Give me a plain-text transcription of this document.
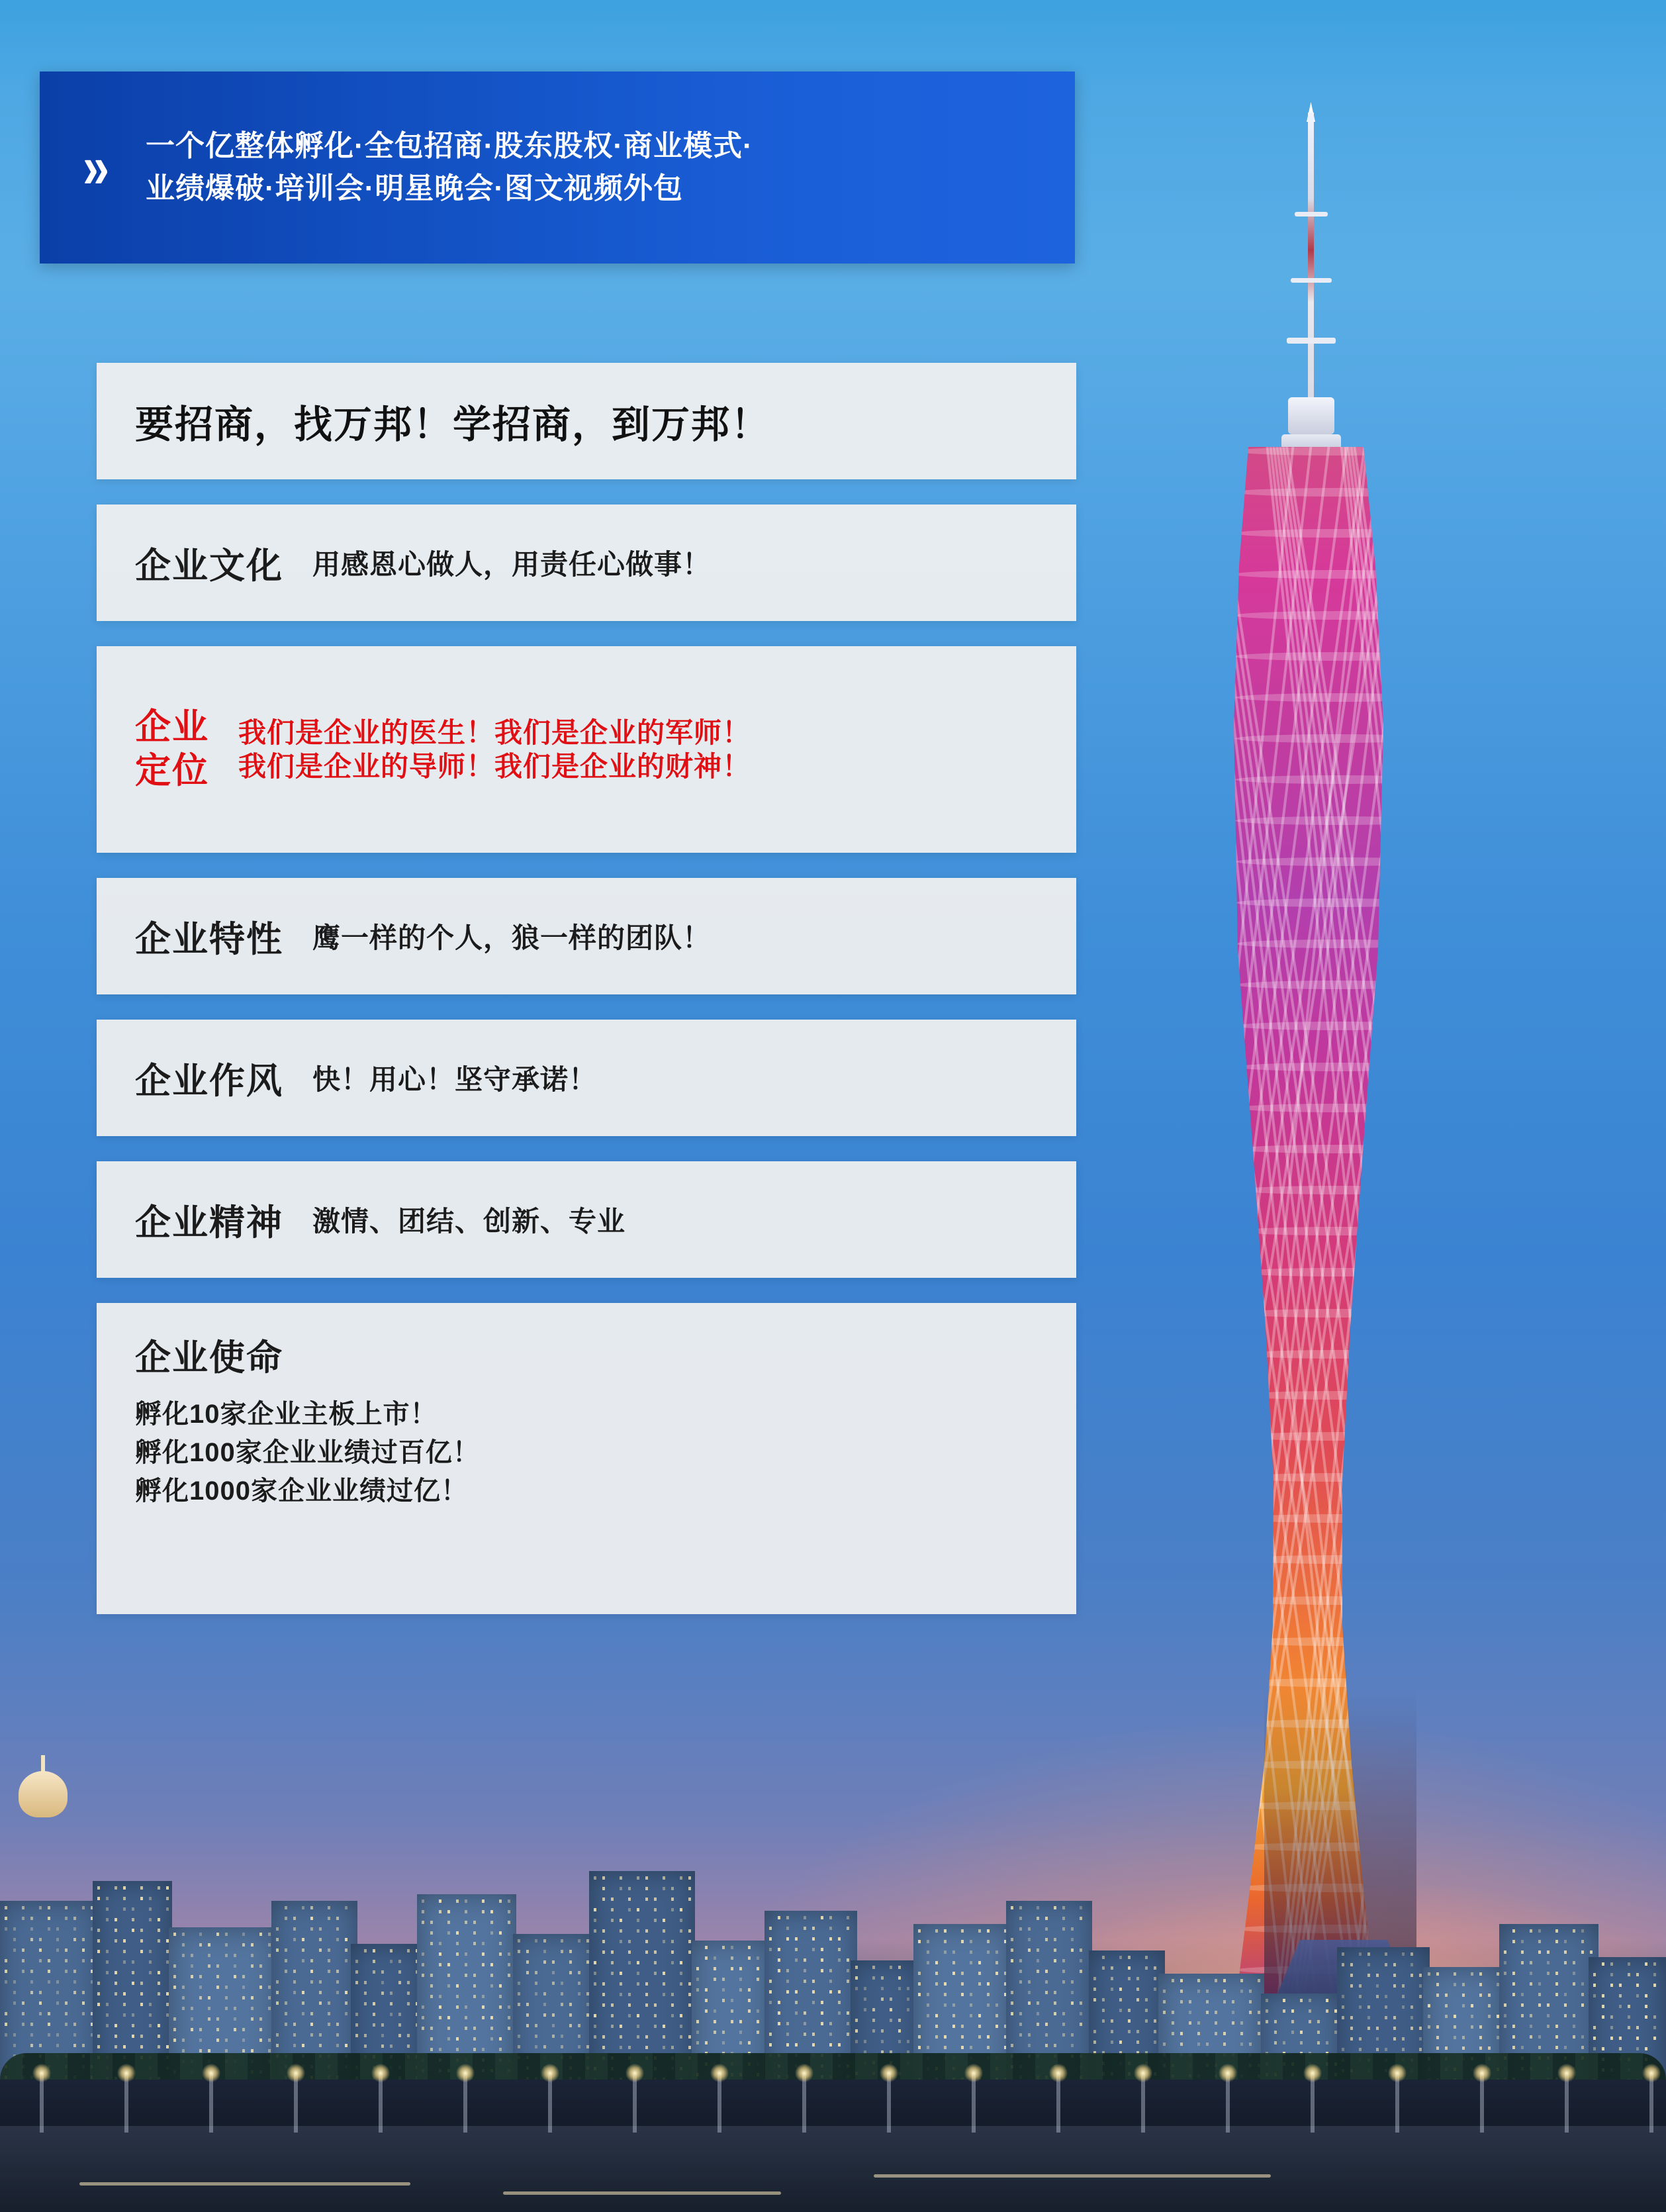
»	一个亿整体孵化·全包招商·股东股权·商业模式·
业绩爆破·培训会·明星晚会·图文视频外包
要招商，找万邦！学招商，到万邦！
企业文化 用感恩心做人，用责任心做事！
企业
定位
我们是企业的医生！我们是企业的军师！
我们是企业的导师！我们是企业的财神！
企业特性 鹰一样的个人，狼一样的团队！
企业作风 快！用心！坚守承诺！
企业精神 激情、团结、创新、专业
企业使命
孵化10家企业主板上市！
孵化100家企业业绩过百亿！
孵化1000家企业业绩过亿！
